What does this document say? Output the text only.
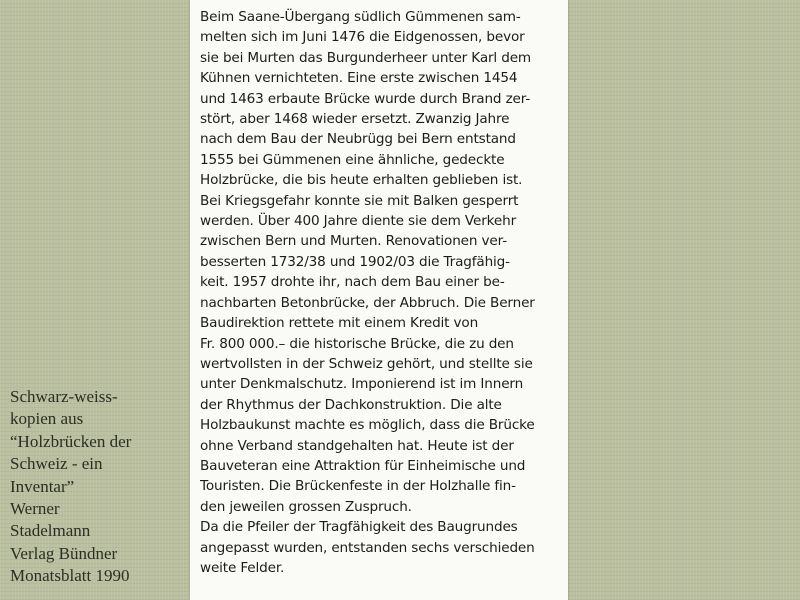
Schwarz-weiss-
kopien aus
“Holzbrücken der
Schweiz - ein
Inventar”
Werner
Stadelmann
Verlag Bündner
Monatsblatt 1990
Beim Saane-Übergang südlich Gümmenen sam-
melten sich im Juni 1476 die Eidgenossen, bevor
sie bei Murten das Burgunderheer unter Karl dem
Kühnen vernichteten. Eine erste zwischen 1454
und 1463 erbaute Brücke wurde durch Brand zer-
stört, aber 1468 wieder ersetzt. Zwanzig Jahre
nach dem Bau der Neubrügg bei Bern entstand
1555 bei Gümmenen eine ähnliche, gedeckte
Holzbrücke, die bis heute erhalten geblieben ist.
Bei Kriegsgefahr konnte sie mit Balken gesperrt
werden. Über 400 Jahre diente sie dem Verkehr
zwischen Bern und Murten. Renovationen ver-
besserten 1732/38 und 1902/03 die Tragfähig-
keit. 1957 drohte ihr, nach dem Bau einer be-
nachbarten Betonbrücke, der Abbruch. Die Berner
Baudirektion rettete mit einem Kredit von
Fr. 800 000.– die historische Brücke, die zu den
wertvollsten in der Schweiz gehört, und stellte sie
unter Denkmalschutz. Imponierend ist im Innern
der Rhythmus der Dachkonstruktion. Die alte
Holzbaukunst machte es möglich, dass die Brücke
ohne Verband standgehalten hat. Heute ist der
Bauveteran eine Attraktion für Einheimische und
Touristen. Die Brückenfeste in der Holzhalle fin-
den jeweilen grossen Zuspruch.
Da die Pfeiler der Tragfähigkeit des Baugrundes
angepasst wurden, entstanden sechs verschieden
weite Felder.
